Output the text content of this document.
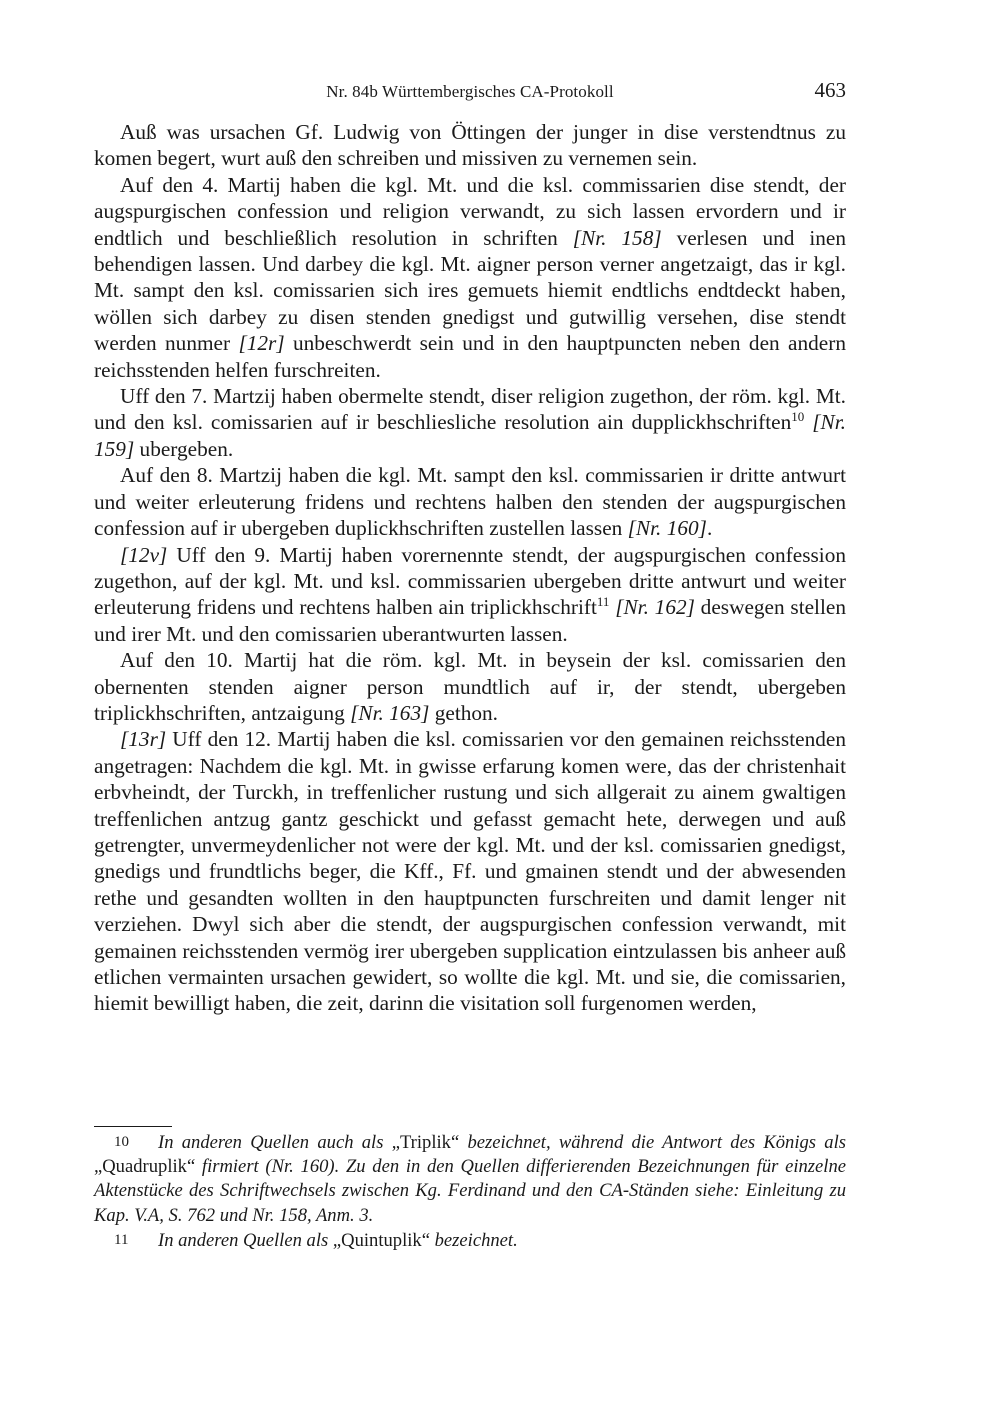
Nr. 84b Württembergisches CA-Protokoll	463

Auß was ursachen Gf. Ludwig von Öttingen der junger in dise verstendtnus zu komen begert, wurt auß den schreiben und missiven zu vernemen sein.

Auf den 4. Martij haben die kgl. Mt. und die ksl. commissarien dise stendt, der augspurgischen confession und religion verwandt, zu sich lassen ervordern und ir endtlich und beschließlich resolution in schriften [Nr. 158] verlesen und inen behendigen lassen. Und darbey die kgl. Mt. aigner person verner angetzaigt, das ir kgl. Mt. sampt den ksl. comissarien sich ires gemuets hiemit endtlichs endtdeckt haben, wöllen sich darbey zu disen stenden gnedigst und gutwillig versehen, dise stendt werden nunmer [12r] unbeschwerdt sein und in den hauptpuncten neben den andern reichsstenden helfen furschreiten.

Uff den 7. Martzij haben obermelte stendt, diser religion zugethon, der röm. kgl. Mt. und den ksl. comissarien auf ir beschliesliche resolution ain dupplickhschriften$^{10}$ [Nr. 159] ubergeben.

Auf den 8. Martzij haben die kgl. Mt. sampt den ksl. commissarien ir dritte antwurt und weiter erleuterung fridens und rechtens halben den stenden der augspurgischen confession auf ir ubergeben duplickhschriften zustellen lassen [Nr. 160].

[12v] Uff den 9. Martij haben vorernennte stendt, der augspurgischen confession zugethon, auf der kgl. Mt. und ksl. commissarien ubergeben dritte antwurt und weiter erleuterung fridens und rechtens halben ain triplickhschrift$^{11}$ [Nr. 162] deswegen stellen und irer Mt. und den comissarien uberantwurten lassen.

Auf den 10. Martij hat die röm. kgl. Mt. in beysein der ksl. comissarien den obernenten stenden aigner person mundtlich auf ir, der stendt, ubergeben triplickhschriften, antzaigung [Nr. 163] gethon.

[13r] Uff den 12. Martij haben die ksl. comissarien vor den gemainen reichsstenden angetragen: Nachdem die kgl. Mt. in gwisse erfarung komen were, das der christenhait erbvheindt, der Turckh, in treffenlicher rustung und sich allgerait zu ainem gwaltigen treffenlichen antzug gantz geschickt und gefasst gemacht hete, derwegen und auß getrengter, unvermeydenlicher not were der kgl. Mt. und der ksl. comissarien gnedigst, gnedigs und frundtlichs beger, die Kff., Ff. und gmainen stendt und der abwesenden rethe und gesandten wollten in den hauptpuncten furschreiten und damit lenger nit verziehen. Dwyl sich aber die stendt, der augspurgischen confession verwandt, mit gemainen reichsstenden vermög irer ubergeben supplication eintzulassen bis anheer auß etlichen vermainten ursachen gewidert, so wollte die kgl. Mt. und sie, die comissarien, hiemit bewilligt haben, die zeit, darinn die visitation soll furgenomen werden,

10 In anderen Quellen auch als „Triplik“ bezeichnet, während die Antwort des Königs als „Quadruplik“ firmiert (Nr. 160). Zu den in den Quellen differierenden Bezeichnungen für einzelne Aktenstücke des Schriftwechsels zwischen Kg. Ferdinand und den CA-Ständen siehe: Einleitung zu Kap. V.A, S. 762 und Nr. 158, Anm. 3.

11 In anderen Quellen als „Quintuplik“ bezeichnet.
